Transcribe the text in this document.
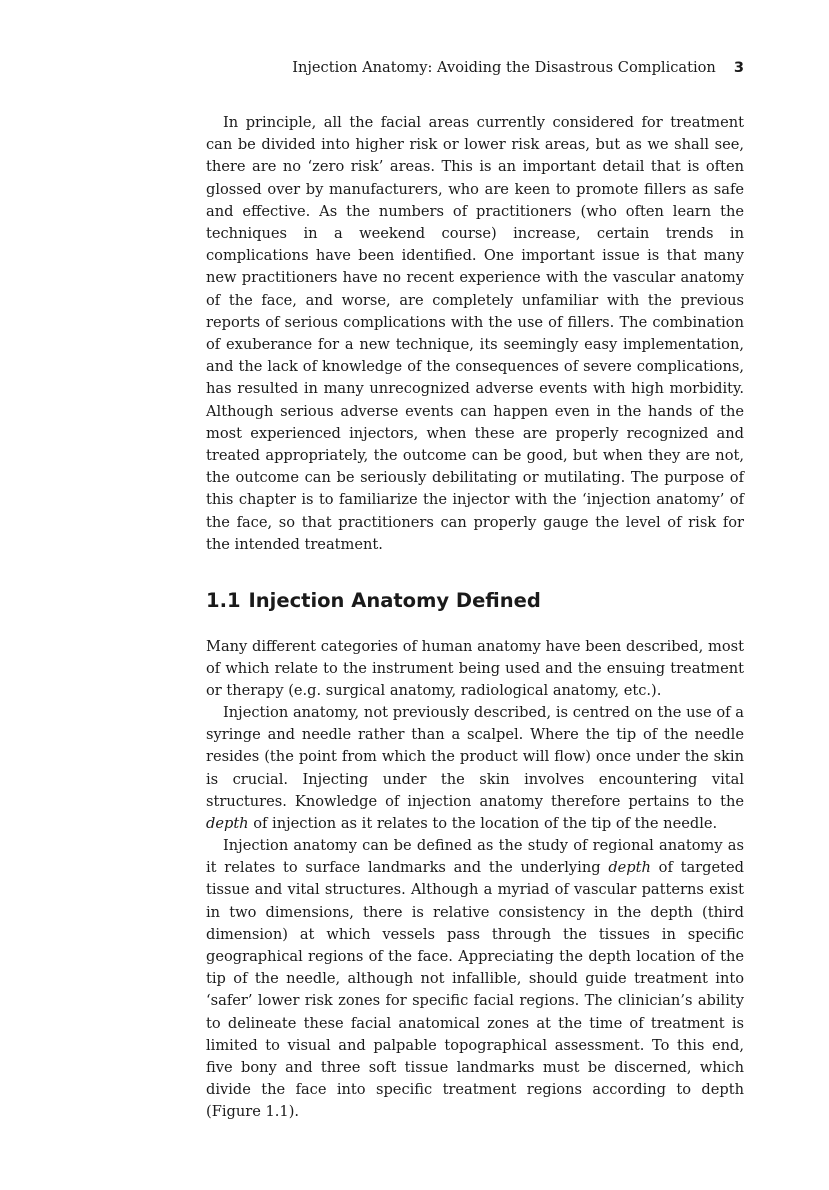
Injection Anatomy: Avoiding the Disastrous Complication 3

In principle, all the facial areas currently considered for treatment can be divided into higher risk or lower risk areas, but as we shall see, there are no ‘zero risk’ areas. This is an important detail that is often glossed over by manufacturers, who are keen to promote fillers as safe and effective. As the numbers of practitioners (who often learn the techniques in a weekend course) increase, certain trends in complications have been identified. One important issue is that many new practitioners have no recent experience with the vascular anatomy of the face, and worse, are completely unfamiliar with the previous reports of serious complications with the use of fillers. The combination of exuberance for a new technique, its seemingly easy implementation, and the lack of knowledge of the consequences of severe complications, has resulted in many unrecognized adverse events with high morbidity. Although serious adverse events can happen even in the hands of the most experienced injectors, when these are properly recognized and treated appropriately, the outcome can be good, but when they are not, the outcome can be seriously debilitating or mutilating. The purpose of this chapter is to familiarize the injector with the ‘injection anatomy’ of the face, so that practitioners can properly gauge the level of risk for the intended treatment.

1.1 Injection Anatomy Defined

Many different categories of human anatomy have been described, most of which relate to the instrument being used and the ensuing treatment or therapy (e.g. surgical anatomy, radiological anatomy, etc.).

Injection anatomy, not previously described, is centred on the use of a syringe and needle rather than a scalpel. Where the tip of the needle resides (the point from which the product will flow) once under the skin is crucial. Injecting under the skin involves encountering vital structures. Knowledge of injection anatomy therefore pertains to the depth of injection as it relates to the location of the tip of the needle.

Injection anatomy can be defined as the study of regional anatomy as it relates to surface landmarks and the underlying depth of targeted tissue and vital structures. Although a myriad of vascular patterns exist in two dimensions, there is relative consistency in the depth (third dimension) at which vessels pass through the tissues in specific geographical regions of the face. Appreciating the depth location of the tip of the needle, although not infallible, should guide treatment into ‘safer’ lower risk zones for specific facial regions. The clinician’s ability to delineate these facial anatomical zones at the time of treatment is limited to visual and palpable topographical assessment. To this end, five bony and three soft tissue landmarks must be discerned, which divide the face into specific treatment regions according to depth (Figure 1.1).
